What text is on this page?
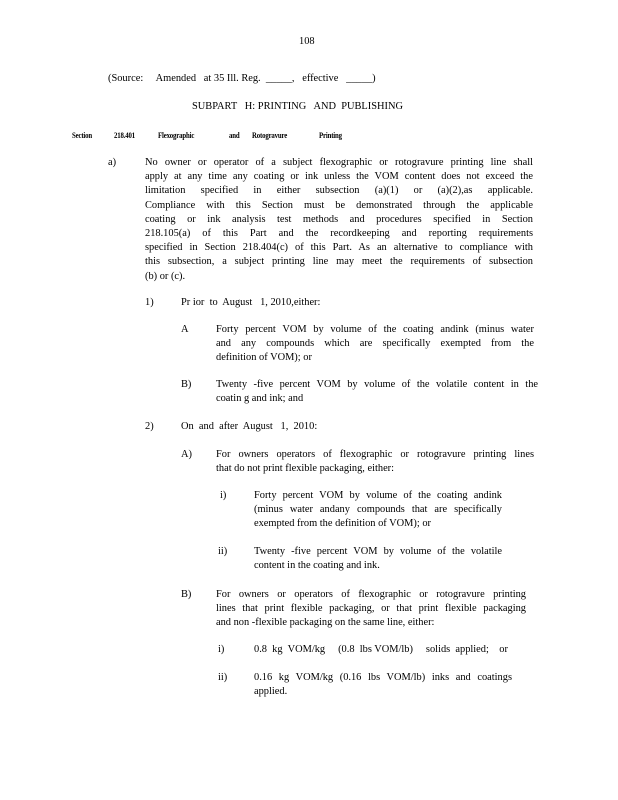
108
(Source:     Amended   at 35 Ill. Reg.  _____,   effective   _____)
SUBPART   H: PRINTING   AND  PUBLISHING
Section	218.401	Flexographic	and Rotogravure	Printing
a)	No owner or operator of a subject flexographic or rotogravure printing line shall
apply at any time any coating or ink unless the VOM content does not exceed the
limitation specified in either subsection (a)(1) or (a)(2),as applicable.
Compliance with this Section must be demonstrated through the applicable
coating or ink analysis test methods and procedures specified in Section
218.105(a) of this Part and the recordkeeping and reporting requirements
specified in Section 218.404(c) of this Part. As an alternative to compliance with
this subsection, a subject printing line may meet the requirements of subsection
(b) or (c).
1)	Pr ior  to  August   1, 2010,either:
A	Forty percent VOM by volume of the coating andink (minus water
and any compounds which are specifically exempted from the
definition of VOM); or
B) Twenty -five percent VOM by volume of the volatile content in the
coatin g and ink; and
2)	On  and  after  August   1,  2010:
A) For owners operators of flexographic or rotogravure printing lines
that do not print flexible packaging, either:
i)	Forty percent VOM by volume of the coating andink
(minus water andany compounds that are specifically
exempted from the definition of VOM); or
ii)	Twenty -five percent VOM by volume of the volatile
content in the coating and ink.
B) For owners or operators of flexographic or rotogravure printing
lines that print flexible packaging, or that print flexible packaging
and non -flexible packaging on the same line, either:
i)	0.8  kg  VOM/kg     (0.8  lbs VOM/lb)     solids  applied;    or
ii)	0.16 kg VOM/kg (0.16 lbs VOM/lb) inks and coatings
applied.
